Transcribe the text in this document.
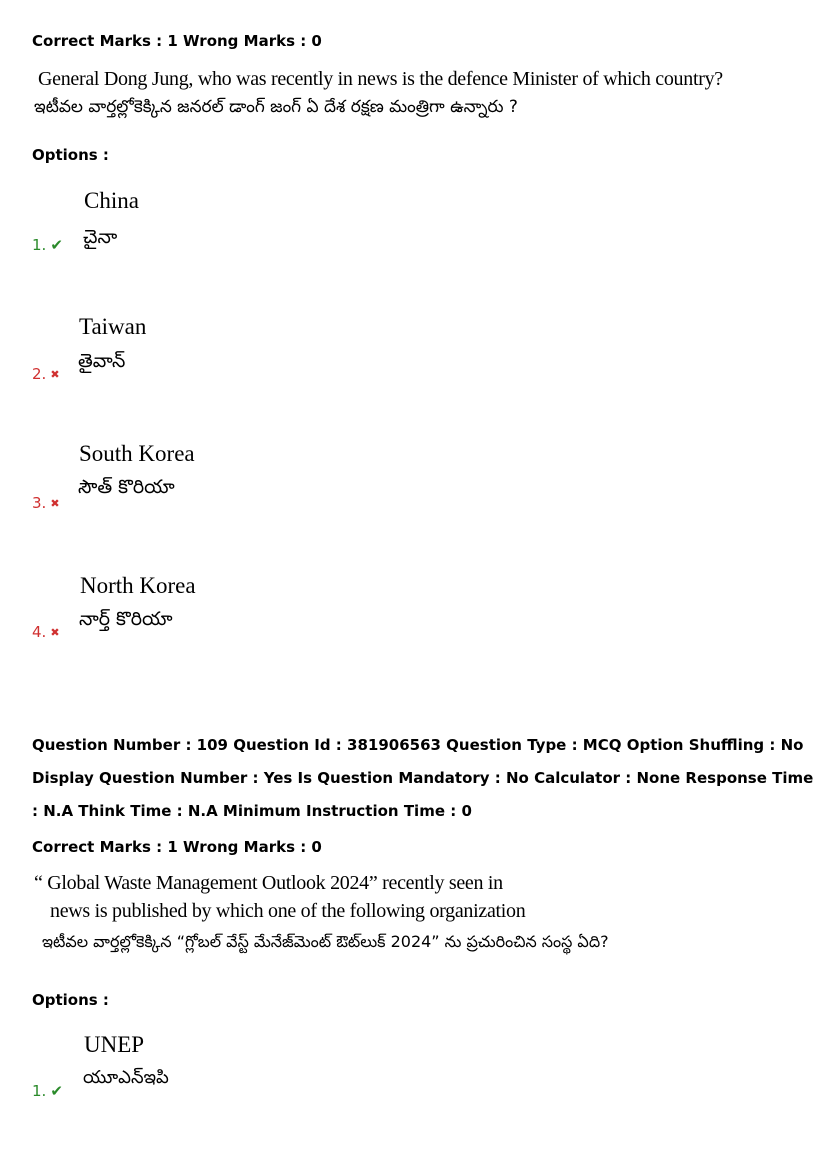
Correct Marks : 1 Wrong Marks : 0
General Dong Jung, who was recently in news is the defence Minister of which country?
ఇటీవల వార్తల్లోకెక్కిన జనరల్ డాంగ్ జంగ్ ఏ దేశ రక్షణ మంత్రిగా ఉన్నారు ?
Options :
China
చైనా
1. ✔
Taiwan
తైవాన్
2. ✖
South Korea
సౌత్ కొరియా
3. ✖
North Korea
నార్త్ కొరియా
4. ✖
Question Number : 109 Question Id : 381906563 Question Type : MCQ Option Shuffling : No
Display Question Number : Yes Is Question Mandatory : No Calculator : None Response Time
: N.A Think Time : N.A Minimum Instruction Time : 0
Correct Marks : 1 Wrong Marks : 0
“ Global Waste Management Outlook 2024” recently seen in
news is published by which one of the following organization
ఇటీవల వార్తల్లోకెక్కిన “గ్లోబల్ వేస్ట్ మేనేజ్‌మెంట్ ఔట్‌లుక్ 2024” ను ప్రచురించిన సంస్థ ఏది?
Options :
UNEP
యూఎన్ఇపి
1. ✔
